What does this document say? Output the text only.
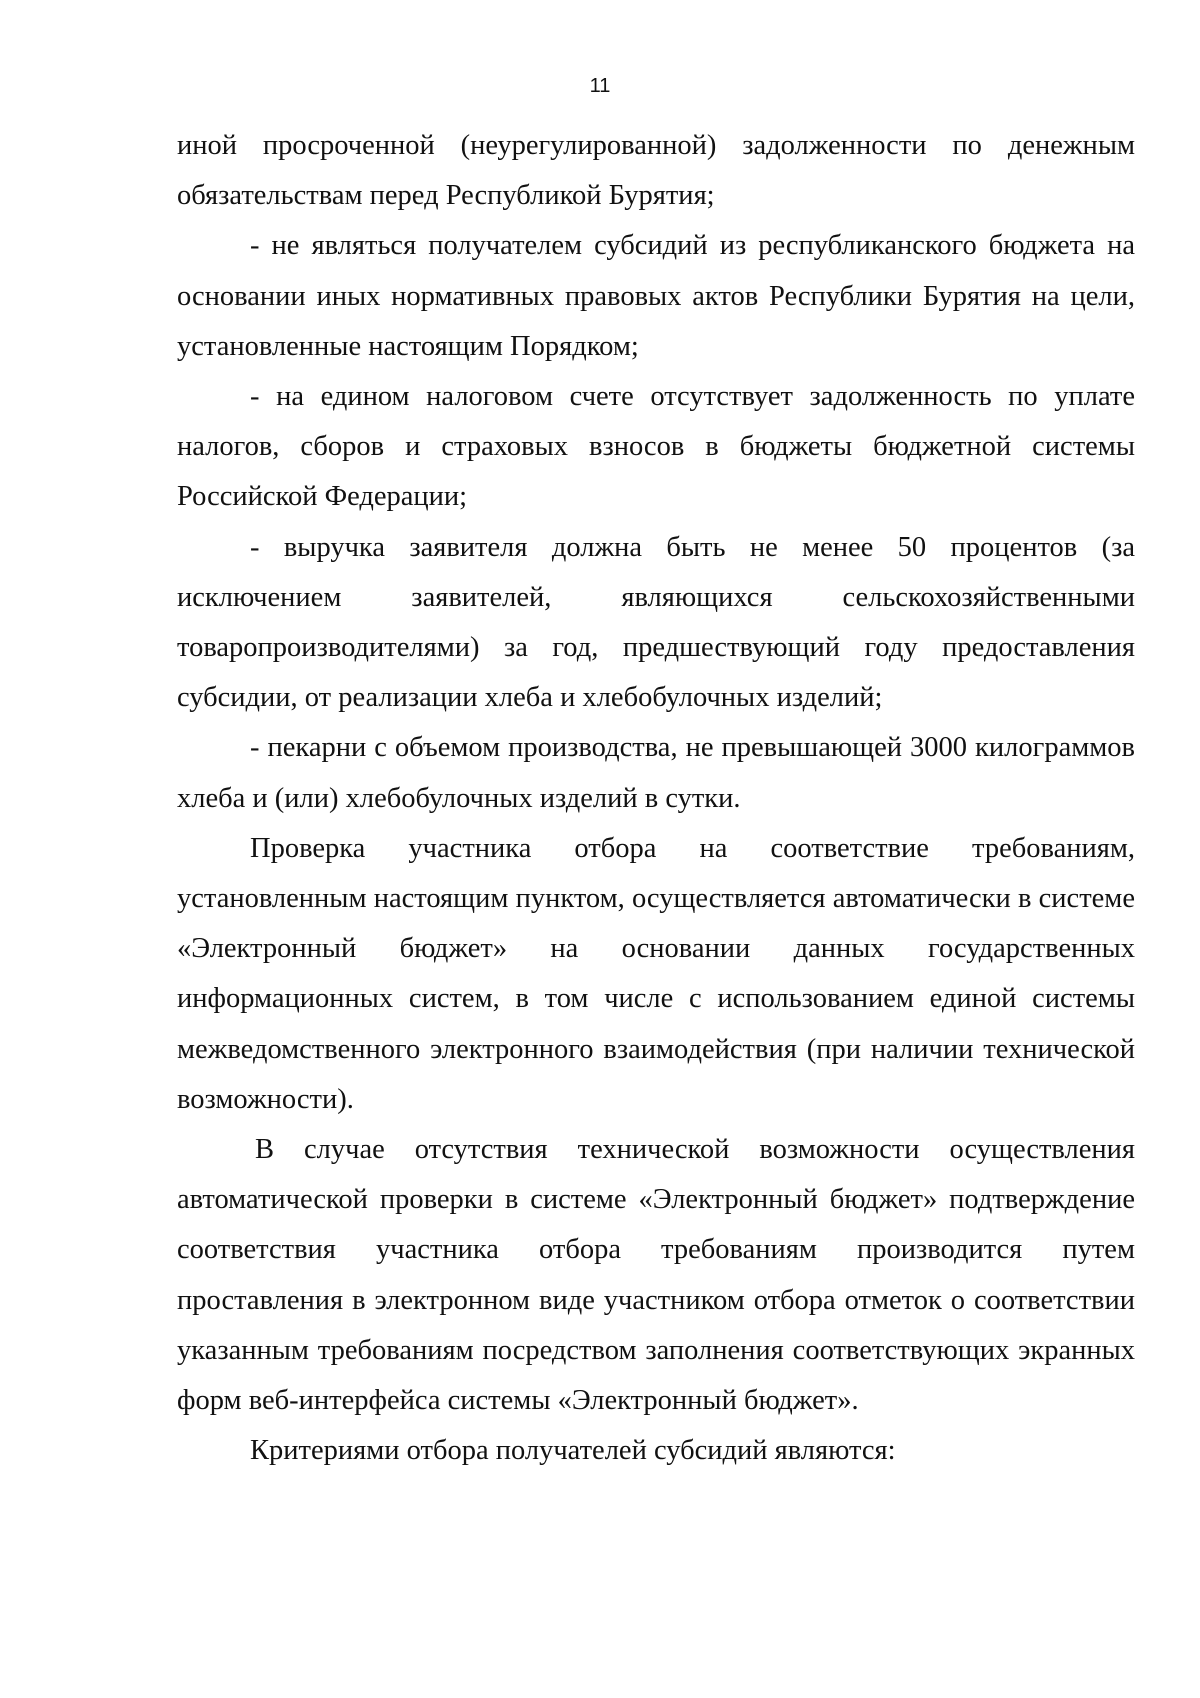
11

иной просроченной (неурегулированной) задолженности по денежным обязательствам перед Республикой Бурятия;

- не являться получателем субсидий из республиканского бюджета на основании иных нормативных правовых актов Республики Бурятия на цели, установленные настоящим Порядком;

- на едином налоговом счете отсутствует задолженность по уплате налогов, сборов и страховых взносов в бюджеты бюджетной системы Российской Федерации;

- выручка заявителя должна быть не менее 50 процентов (за исключением заявителей, являющихся сельскохозяйственными товаропроизводителями) за год, предшествующий году предоставления субсидии, от реализации хлеба и хлебобулочных изделий;

- пекарни с объемом производства, не превышающей 3000 килограммов хлеба и (или) хлебобулочных изделий в сутки.

Проверка участника отбора на соответствие требованиям, установленным настоящим пунктом, осуществляется автоматически в системе «Электронный бюджет» на основании данных государственных информационных систем, в том числе с использованием единой системы межведомственного электронного взаимодействия (при наличии технической возможности).

В случае отсутствия технической возможности осуществления автоматической проверки в системе «Электронный бюджет» подтверждение соответствия участника отбора требованиям производится путем проставления в электронном виде участником отбора отметок о соответствии указанным требованиям посредством заполнения соответствующих экранных форм веб-интерфейса системы «Электронный бюджет».

Критериями отбора получателей субсидий являются:
